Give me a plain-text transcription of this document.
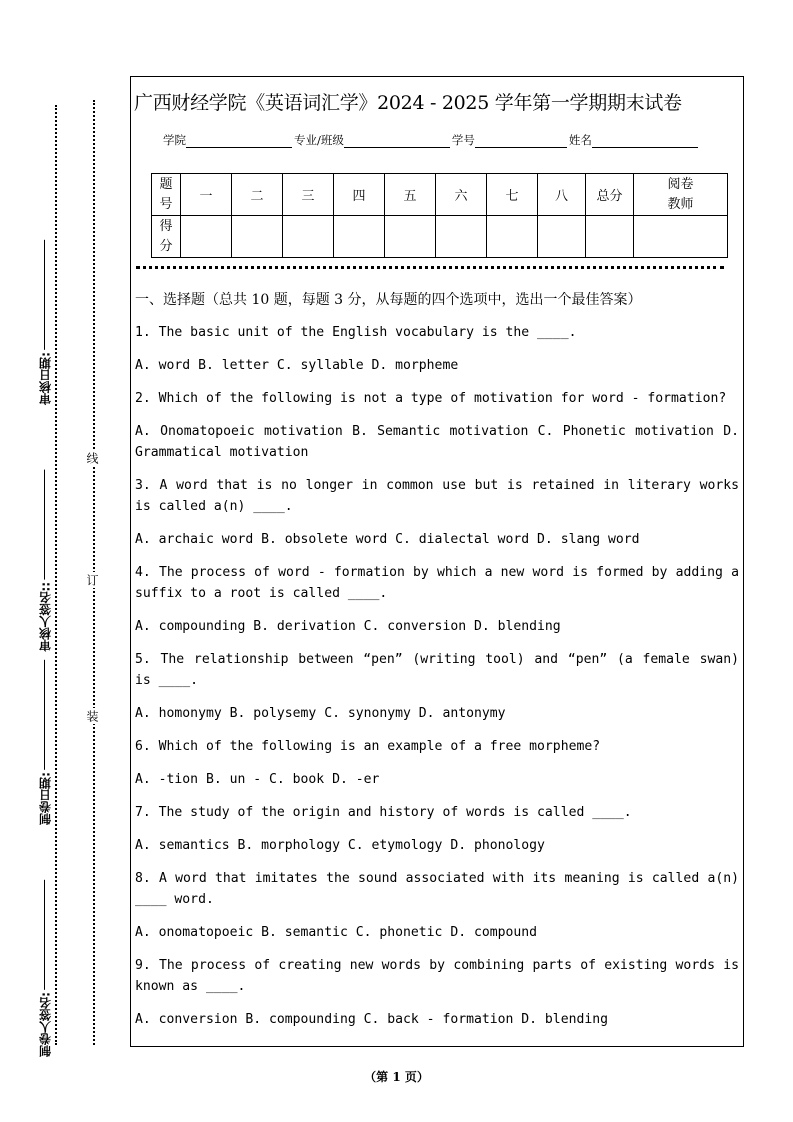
审核日期:
审核人签名::
制卷日期:
制卷人签名:
线
订
装
广西财经学院《英语词汇学》2024 - 2025 学年第一学期期末试卷
学院	专业/班级	学号	姓名
题号	一	二	三	四	五	六	七	八	总分	阅卷教师

得分										

一、选择题（总共 10 题，每题 3 分，从每题的四个选项中，选出一个最佳答案）

1. The basic unit of the English vocabulary is the ____.

A. word B. letter C. syllable D. morpheme

2. Which of the following is not a type of motivation for word - formation?

A. Onomatopoeic motivation B. Semantic motivation C. Phonetic motivation D. Grammatical motivation

3. A word that is no longer in common use but is retained in literary works is called a(n) ____.

A. archaic word B. obsolete word C. dialectal word D. slang word

4. The process of word - formation by which a new word is formed by adding a suffix to a root is called ____.

A. compounding B. derivation C. conversion D. blending

5. The relationship between “pen” (writing tool) and “pen” (a female swan) is ____.

A. homonymy B. polysemy C. synonymy D. antonymy

6. Which of the following is an example of a free morpheme?

A. -tion B. un - C. book D. -er

7. The study of the origin and history of words is called ____.

A. semantics B. morphology C. etymology D. phonology

8. A word that imitates the sound associated with its meaning is called a(n) ____ word.

A. onomatopoeic B. semantic C. phonetic D. compound

9. The process of creating new words by combining parts of existing words is known as ____.

A. conversion B. compounding C. back - formation D. blending

（第 1 页）
